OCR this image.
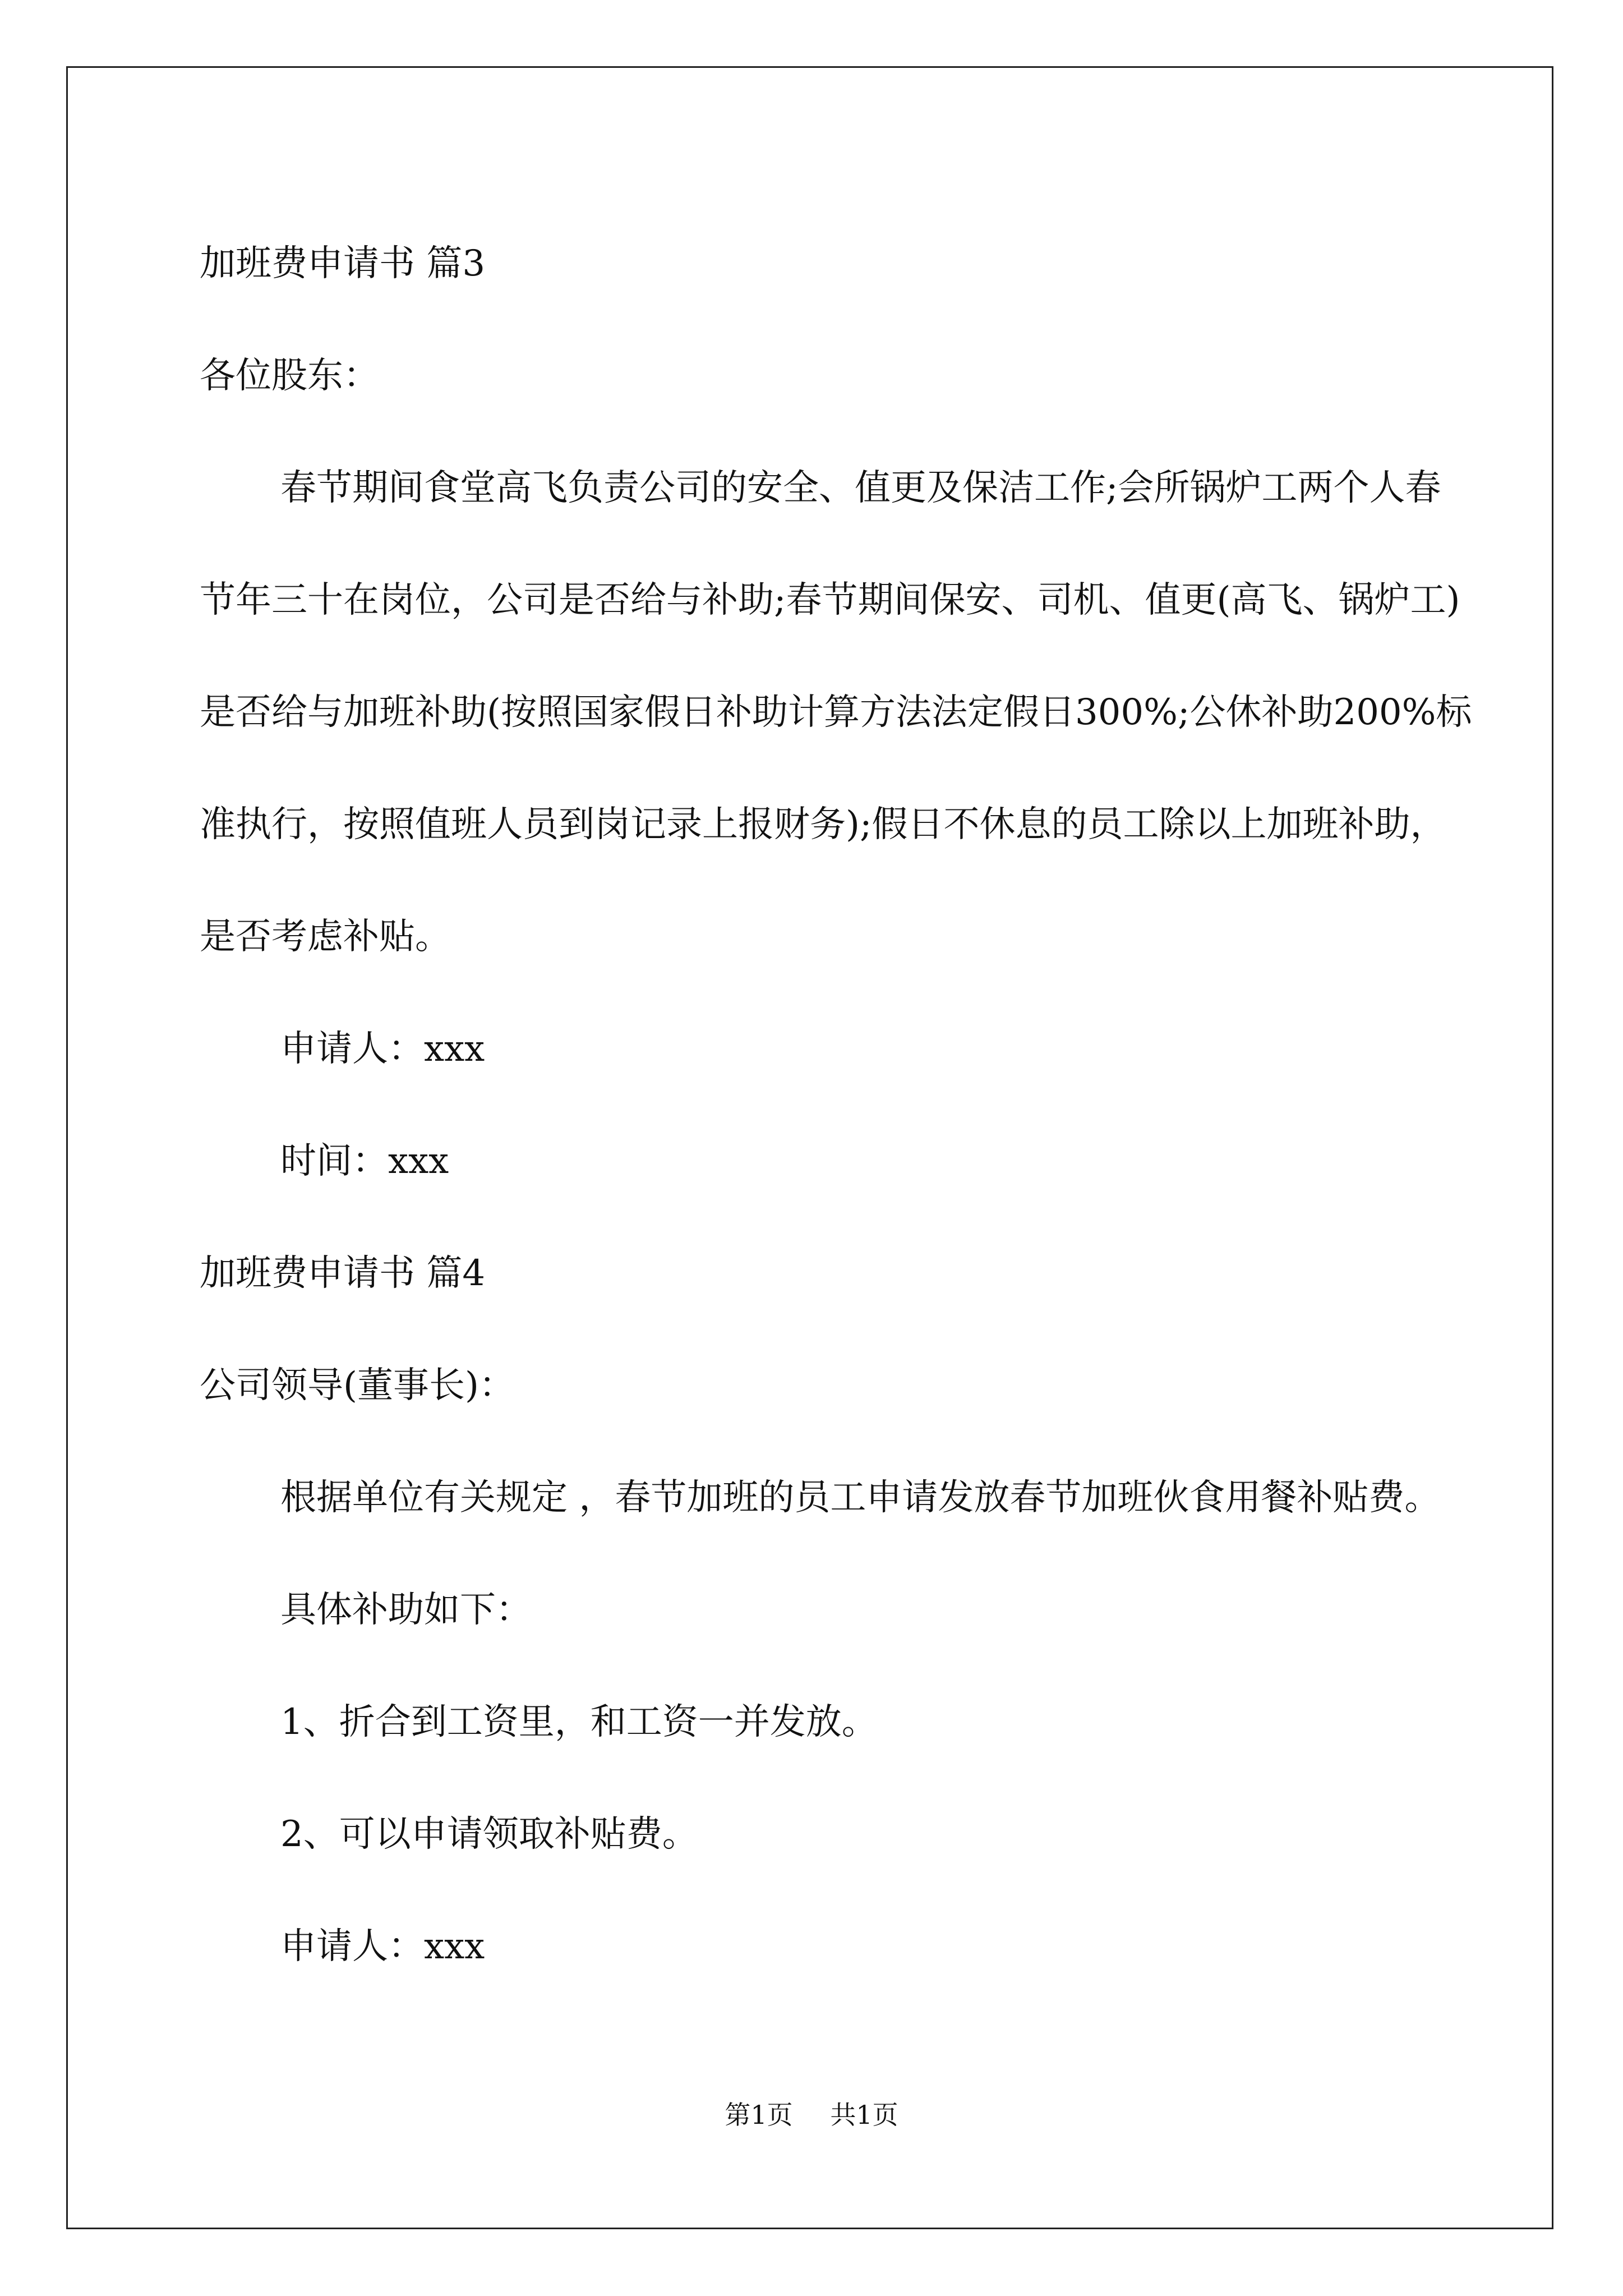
加班费申请书 篇3

各位股东：

春节期间食堂高飞负责公司的安全、值更及保洁工作;会所锅炉工两个人春节年三十在岗位，公司是否给与补助;春节期间保安、司机、值更(高飞、锅炉工)是否给与加班补助(按照国家假日补助计算方法法定假日300%;公休补助200%标准执行，按照值班人员到岗记录上报财务);假日不休息的员工除以上加班补助，是否考虑补贴。

申请人：xxx

时间：xxx

加班费申请书 篇4

公司领导(董事长)：

根据单位有关规定 ，春节加班的员工申请发放春节加班伙食用餐补贴费。

具体补助如下：

1、折合到工资里，和工资一并发放。

2、可以申请领取补贴费。

申请人：xxx

第1页 共1页
